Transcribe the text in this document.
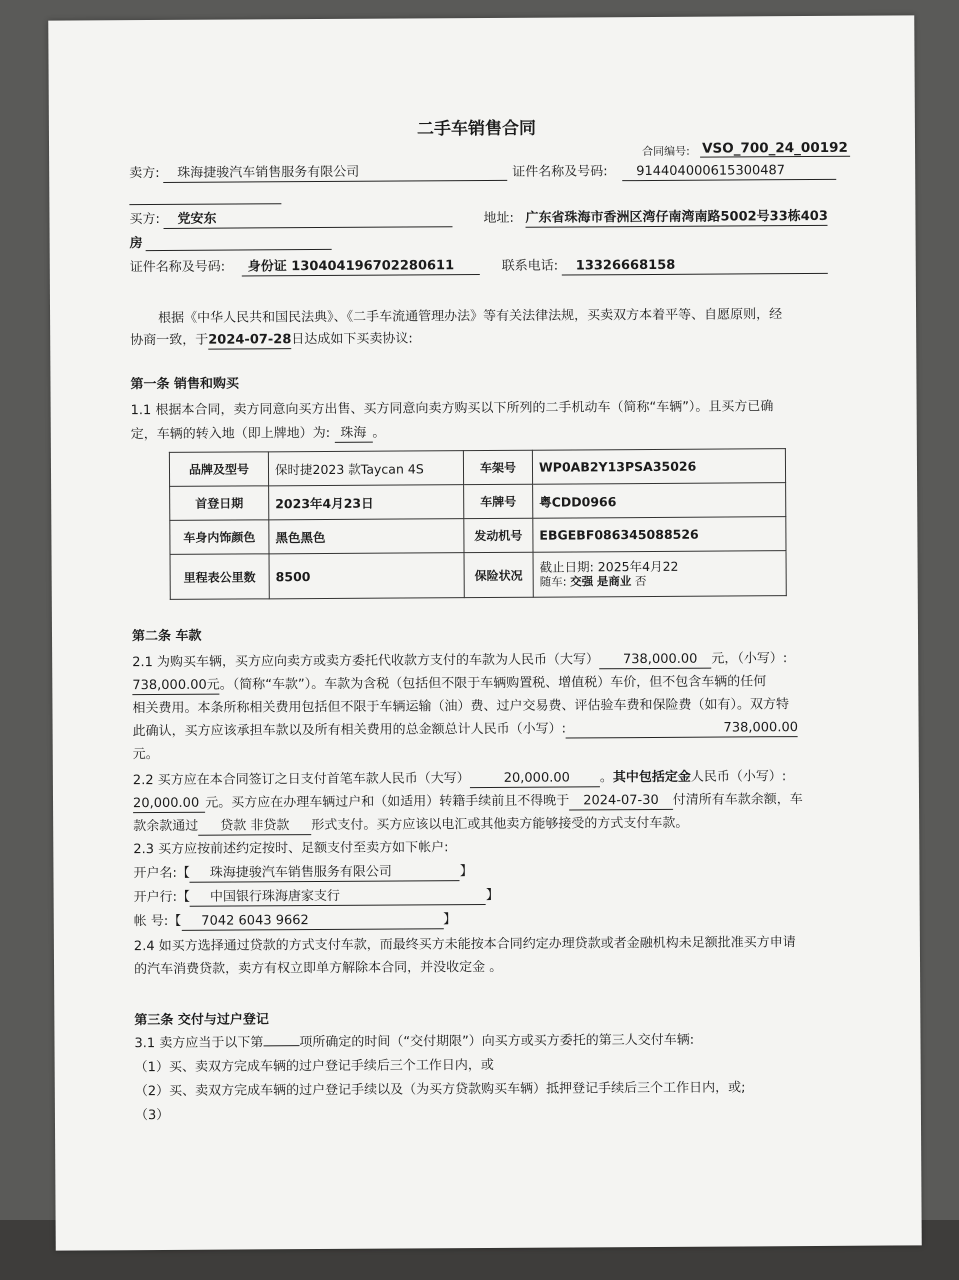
二手车销售合同
合同编号: VSO_700_24_00192
卖方:	珠海捷骏汽车销售服务有限公司	证件名称及号码:	914404000615300487
买方:	党安东	地址: 广东省珠海市香洲区湾仔南湾南路5002号33栋403
房
证件名称及号码:	身份证 130404196702280611	联系电话:	13326668158
根据《中华人民共和国民法典》、《二手车流通管理办法》等有关法律法规，买卖双方本着平等、自愿原则，经
协商一致，于2024-07-28日达成如下买卖协议:
第一条 销售和购买
1.1 根据本合同，卖方同意向买方出售、买方同意向卖方购买以下所列的二手机动车（简称“车辆”）。且买方已确
定，车辆的转入地（即上牌地）为: 珠海 。
品牌及型号	保时捷2023 款Taycan 4S	车架号	WP0AB2Y13PSA35026
首登日期	2023年4月23日	车牌号	粤CDD0966
车身内饰颜色	黑色黑色	发动机号	EBGEBF086345088526
里程表公里数	8500	保险状况	截止日期: 2025年4月22
随车: 交强 是商业 否
第二条 车款
2.1 为购买车辆，买方应向卖方或卖方委托代收款方支付的车款为人民币（大写） 738,000.00 元，（小写）:
738,000.00元。（简称“车款”）。车款为含税（包括但不限于车辆购置税、增值税）车价，但不包含车辆的任何
相关费用。本条所称相关费用包括但不限于车辆运输（油）费、过户交易费、评估验车费和保险费（如有）。双方特
此确认，买方应该承担车款以及所有相关费用的总金额总计人民币（小写）:	738,000.00
元。
2.2 买方应在本合同签订之日支付首笔车款人民币（大写）	20,000.00 。其中包括定金人民币（小写）:
20,000.00 元。买方应在办理车辆过户和（如适用）转籍手续前且不得晚于 2024-07-30 付清所有车款余额，车
款余款通过 贷款 非贷款 形式支付。买方应该以电汇或其他卖方能够接受的方式支付车款。
2.3 买方应按前述约定按时、足额支付至卖方如下帐户:
开户名:【 珠海捷骏汽车销售服务有限公司	】
开户行:【 中国银行珠海唐家支行	】
帐 号:【 7042 6043 9662	】
2.4 如买方选择通过贷款的方式支付车款，而最终买方未能按本合同约定办理贷款或者金融机构未足额批准买方申请
的汽车消费贷款，卖方有权立即单方解除本合同，并没收定金 。
第三条 交付与过户登记
3.1 卖方应当于以下第	项所确定的时间（“交付期限”）向买方或买方委托的第三人交付车辆:
（1）买、卖双方完成车辆的过户登记手续后三个工作日内，或
（2）买、卖双方完成车辆的过户登记手续以及（为买方贷款购买车辆）抵押登记手续后三个工作日内，或;
（3）
